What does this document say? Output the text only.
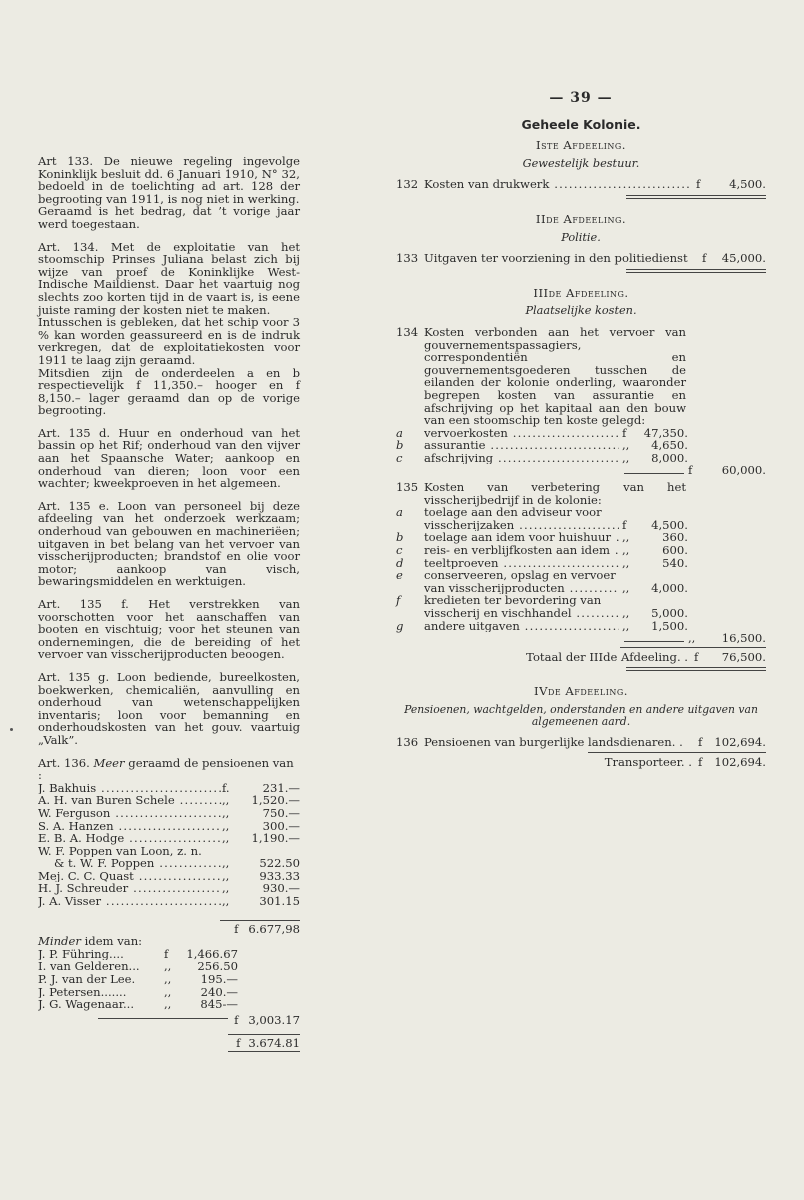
Art 133. De nieuwe regeling ingevolge Koninklijk besluit dd. 6 Januari 1910, N° 32, bedoeld in de toelichting ad art. 128 der begrooting van 1911, is nog niet in werking.

Geraamd is het bedrag, dat ’t vorige jaar werd toegestaan.

Art. 134. Met de exploitatie van het stoomschip Prinses Juliana belast zich bij wijze van proef de Koninklijke West-Indische Maildienst. Daar het vaartuig nog slechts zoo korten tijd in de vaart is, is eene juiste raming der kosten niet te maken.

Intusschen is gebleken, dat het schip voor 3 % kan worden geassureerd en is de indruk verkregen, dat de exploitatiekosten voor 1911 te laag zijn geraamd.

Mitsdien zijn de onderdeelen a en b respectievelijk f 11,350.– hooger en f 8,150.– lager geraamd dan op de vorige begrooting.

Art. 135 d. Huur en onderhoud van het bassin op het Rif; onderhoud van den vijver aan het Spaansche Water; aankoop en onderhoud van dieren; loon voor een wachter; kweekproeven in het algemeen.

Art. 135 e. Loon van personeel bij deze afdeeling van het onderzoek werkzaam; onderhoud van gebouwen en machineriëen; uitgaven in bet belang van het vervoer van visscherijproducten; brandstof en olie voor motor; aankoop van visch, bewaringsmiddelen en werktuigen.

Art. 135 f. Het verstrekken van voorschotten voor het aanschaffen van booten en vischtuig; voor het steunen van ondernemingen, die de bereiding of het vervoer van visscherijproducten beoogen.

Art. 135 g. Loon bediende, bureelkosten, boekwerken, chemicaliën, aanvulling en onderhoud van wetenschappelijken inventaris; loon voor bemanning en onderhoudskosten van het gouv. vaartuig „Valk”.

Art. 136. Meer geraamd de pensioenen van :

J. Bakhuis .....	f.	231.—
A. H. van Buren Schele .....	,,	1,520.—
W. Ferguson .....	,,	750.—
S. A. Hanzen .....	,,	300.—
E. B. A. Hodge .....	,,	1,190.—
W. F. Poppen van Loon, z. n.
& t. W. F. Poppen .....	,,	522.50
Mej. C. C. Quast .....	,,	933.33
H. J. Schreuder .....	,,	930.—
J. A. Visser .....	,,	301.15
f 6.677,98

Minder idem van:

J. P. Führing....	f	1,466.67
I. van Gelderen...	,,	256.50
P. J. van der Lee.	,,	195.—
J. Petersen.......	,,	240.—
J. G. Wagenaar...	,,	845-—
f 3,003.17
f 3.674.81
— 39 —
Geheele Kolonie.
Iste Afdeeling.
Gewestelijk bestuur.
132 Kosten van drukwerk .....	f	4,500.
IIde Afdeeling.
Politie.
133 Uitgaven ter voorziening in den politiedienst	f	45,000.
IIIde Afdeeling.
Plaatselijke kosten.
134 Kosten verbonden aan het vervoer van gouvernementspassagiers, correspondentiën en gouvernementsgoederen tusschen de eilanden der kolonie onderling, waaronder begrepen kosten van assurantie en afschrijving op het kapitaal aan den bouw van een stoomschip ten koste gelegd:
a	vervoerkosten .....	f	47,350.
b	assurantie .....	,,	4,650.
c	afschrijving .....	,,	8,000.
f	60,000.
135 Kosten van verbetering van het visscherijbedrijf in de kolonie:
a	toelage aan den adviseur voor
visscherijzaken .....	f	4,500.
b	toelage aan idem voor huishuur ..... ,,	360.
c	reis- en verblijfkosten aan idem .....	,,	600.
d	teeltproeven .....	,,	540.
e	conserveeren, opslag en vervoer
van visscherijproducten .....	,,	4,000.
f	kredieten ter bevordering van
visscherij en vischhandel .....	,,	5,000.
g	andere uitgaven .....	,,	1,500.
,, 16,500.
Totaal der IIIde Afdeeling. . f	76,500.
IVde Afdeeling.
Pensioenen, wachtgelden, onderstanden en andere uitgaven van algemeenen aard.
136 Pensioenen van burgerlijke landsdienaren. .	f	102,694.
Transporteer. . f	102,694.
